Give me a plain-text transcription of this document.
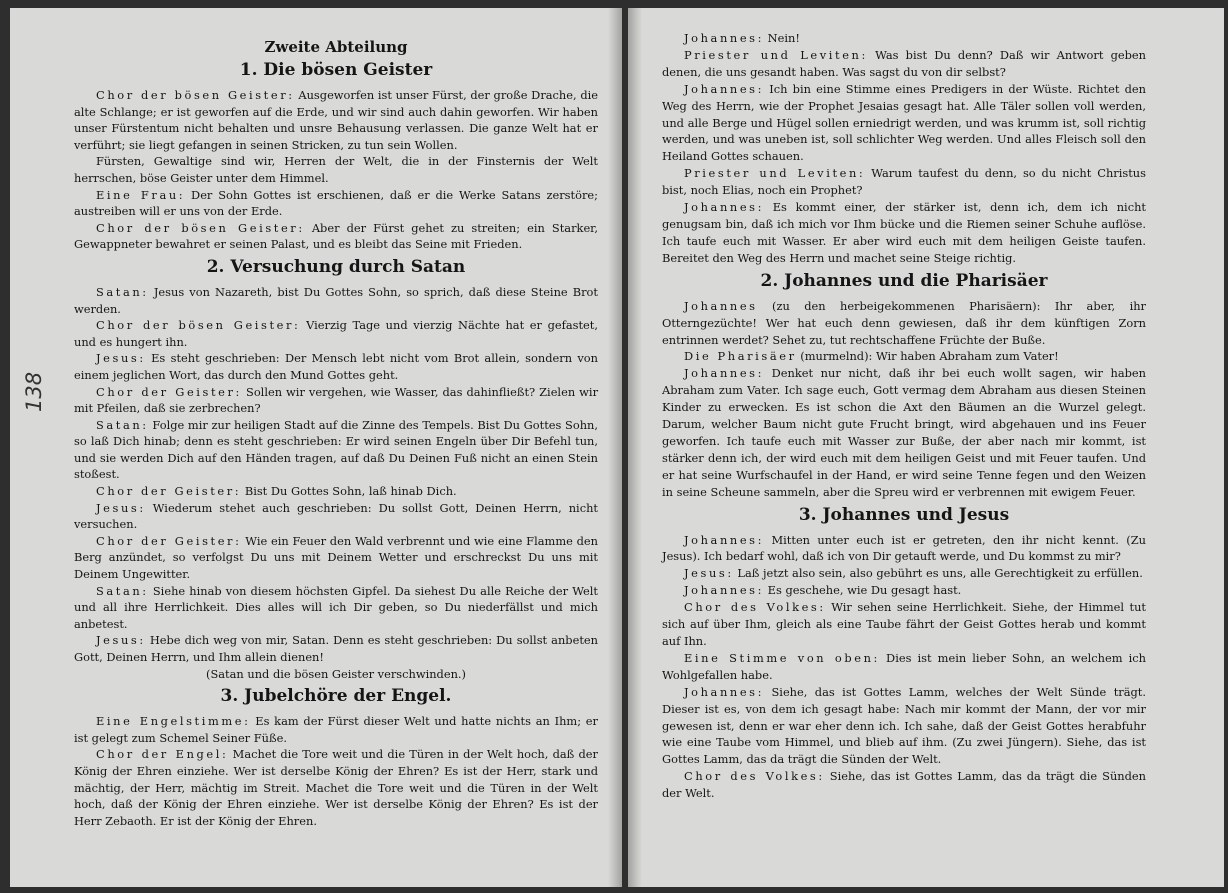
138
Zweite Abteilung
1. Die bösen Geister

Chor der bösen Geister: Ausgeworfen ist unser Fürst, der große Drache, die alte Schlange; er ist geworfen auf die Erde, und wir sind auch dahin geworfen. Wir haben unser Fürstentum nicht behalten und unsre Behausung verlassen. Die ganze Welt hat er verführt; sie liegt gefangen in seinen Stricken, zu tun sein Wollen.

Fürsten, Gewaltige sind wir, Herren der Welt, die in der Finsternis der Welt herrschen, böse Geister unter dem Himmel.

Eine Frau: Der Sohn Gottes ist erschienen, daß er die Werke Satans zerstöre; austreiben will er uns von der Erde.

Chor der bösen Geister: Aber der Fürst gehet zu streiten; ein Starker, Gewappneter bewahret er seinen Palast, und es bleibt das Seine mit Frieden.

2. Versuchung durch Satan

Satan: Jesus von Nazareth, bist Du Gottes Sohn, so sprich, daß diese Steine Brot werden.

Chor der bösen Geister: Vierzig Tage und vierzig Nächte hat er gefastet, und es hungert ihn.

Jesus: Es steht geschrieben: Der Mensch lebt nicht vom Brot allein, sondern von einem jeglichen Wort, das durch den Mund Gottes geht.

Chor der Geister: Sollen wir vergehen, wie Wasser, das dahinfließt? Zielen wir mit Pfeilen, daß sie zerbrechen?

Satan: Folge mir zur heiligen Stadt auf die Zinne des Tempels. Bist Du Gottes Sohn, so laß Dich hinab; denn es steht geschrieben: Er wird seinen Engeln über Dir Befehl tun, und sie werden Dich auf den Händen tragen, auf daß Du Deinen Fuß nicht an einen Stein stoßest.

Chor der Geister: Bist Du Gottes Sohn, laß hinab Dich.

Jesus: Wiederum stehet auch geschrieben: Du sollst Gott, Deinen Herrn, nicht versuchen.

Chor der Geister: Wie ein Feuer den Wald verbrennt und wie eine Flamme den Berg anzündet, so verfolgst Du uns mit Deinem Wetter und erschreckst Du uns mit Deinem Ungewitter.

Satan: Siehe hinab von diesem höchsten Gipfel. Da siehest Du alle Reiche der Welt und all ihre Herrlichkeit. Dies alles will ich Dir geben, so Du niederfällst und mich anbetest.

Jesus: Hebe dich weg von mir, Satan. Denn es steht geschrieben: Du sollst anbeten Gott, Deinen Herrn, und Ihm allein dienen!

(Satan und die bösen Geister verschwinden.)

3. Jubelchöre der Engel.

Eine Engelstimme: Es kam der Fürst dieser Welt und hatte nichts an Ihm; er ist gelegt zum Schemel Seiner Füße.

Chor der Engel: Machet die Tore weit und die Türen in der Welt hoch, daß der König der Ehren einziehe. Wer ist derselbe König der Ehren? Es ist der Herr, stark und mächtig, der Herr, mächtig im Streit. Machet die Tore weit und die Türen in der Welt hoch, daß der König der Ehren einziehe. Wer ist derselbe König der Ehren? Es ist der Herr Zebaoth. Er ist der König der Ehren.

Johannes: Nein!

Priester und Leviten: Was bist Du denn? Daß wir Antwort geben denen, die uns gesandt haben. Was sagst du von dir selbst?

Johannes: Ich bin eine Stimme eines Predigers in der Wüste. Richtet den Weg des Herrn, wie der Prophet Jesaias gesagt hat. Alle Täler sollen voll werden, und alle Berge und Hügel sollen erniedrigt werden, und was krumm ist, soll richtig werden, und was uneben ist, soll schlichter Weg werden. Und alles Fleisch soll den Heiland Gottes schauen.

Priester und Leviten: Warum taufest du denn, so du nicht Christus bist, noch Elias, noch ein Prophet?

Johannes: Es kommt einer, der stärker ist, denn ich, dem ich nicht genugsam bin, daß ich mich vor Ihm bücke und die Riemen seiner Schuhe auflöse. Ich taufe euch mit Wasser. Er aber wird euch mit dem heiligen Geiste taufen. Bereitet den Weg des Herrn und machet seine Steige richtig.

2. Johannes und die Pharisäer

Johannes (zu den herbeigekommenen Pharisäern): Ihr aber, ihr Otterngezüchte! Wer hat euch denn gewiesen, daß ihr dem künftigen Zorn entrinnen werdet? Sehet zu, tut rechtschaffene Früchte der Buße.

Die Pharisäer (murmelnd): Wir haben Abraham zum Vater!

Johannes: Denket nur nicht, daß ihr bei euch wollt sagen, wir haben Abraham zum Vater. Ich sage euch, Gott vermag dem Abraham aus diesen Steinen Kinder zu erwecken. Es ist schon die Axt den Bäumen an die Wurzel gelegt. Darum, welcher Baum nicht gute Frucht bringt, wird abgehauen und ins Feuer geworfen. Ich taufe euch mit Wasser zur Buße, der aber nach mir kommt, ist stärker denn ich, der wird euch mit dem heiligen Geist und mit Feuer taufen. Und er hat seine Wurfschaufel in der Hand, er wird seine Tenne fegen und den Weizen in seine Scheune sammeln, aber die Spreu wird er verbrennen mit ewigem Feuer.

3. Johannes und Jesus

Johannes: Mitten unter euch ist er getreten, den ihr nicht kennt. (Zu Jesus). Ich bedarf wohl, daß ich von Dir getauft werde, und Du kommst zu mir?

Jesus: Laß jetzt also sein, also gebührt es uns, alle Gerechtigkeit zu erfüllen.

Johannes: Es geschehe, wie Du gesagt hast.

Chor des Volkes: Wir sehen seine Herrlichkeit. Siehe, der Himmel tut sich auf über Ihm, gleich als eine Taube fährt der Geist Gottes herab und kommt auf Ihn.

Eine Stimme von oben: Dies ist mein lieber Sohn, an welchem ich Wohlgefallen habe.

Johannes: Siehe, das ist Gottes Lamm, welches der Welt Sünde trägt. Dieser ist es, von dem ich gesagt habe: Nach mir kommt der Mann, der vor mir gewesen ist, denn er war eher denn ich. Ich sahe, daß der Geist Gottes herabfuhr wie eine Taube vom Himmel, und blieb auf ihm. (Zu zwei Jüngern). Siehe, das ist Gottes Lamm, das da trägt die Sünden der Welt.

Chor des Volkes: Siehe, das ist Gottes Lamm, das da trägt die Sünden der Welt.
